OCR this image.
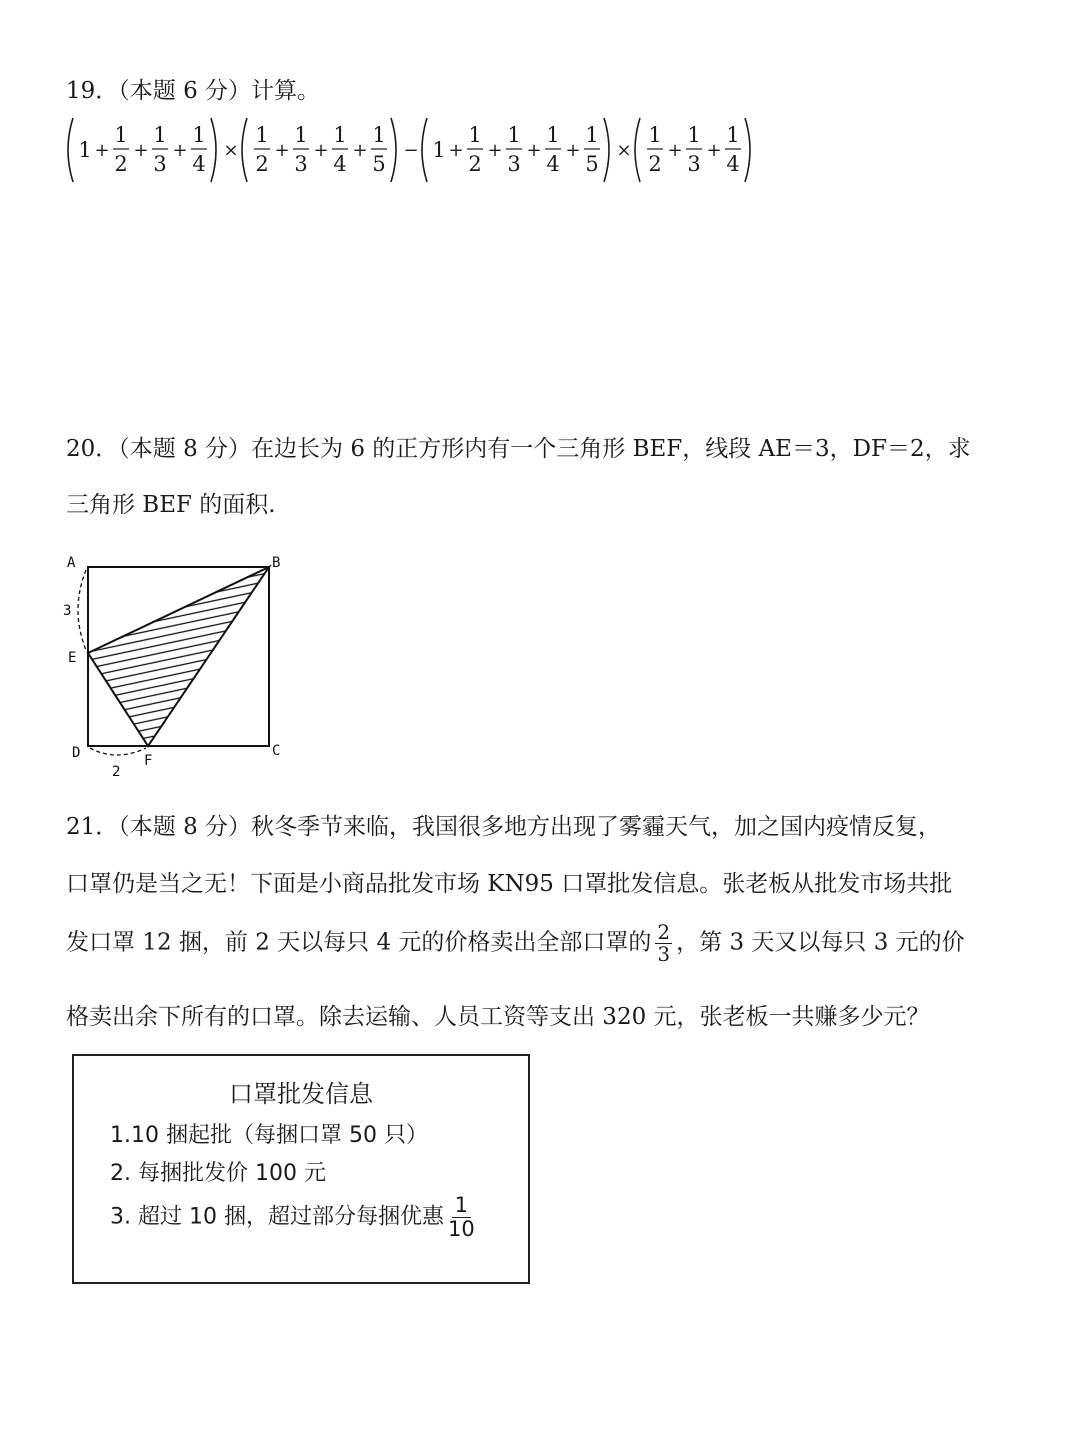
19．（本题 6 分）计算。
1 +
1
2
+
1
3
+
1
4
×
1
2
+
1
3
+
1
4
+
1
5
− 1 +
1
2
+
1
3
+
1
4
+
1
5
×
1
2
+
1
3
+
1
4
20．（本题 8 分）在边长为 6 的正方形内有一个三角形 BEF，线段 AE＝3，DF＝2，求
三角形 BEF 的面积.
A	B
C
D
E
F
3
2
21．（本题 8 分）秋冬季节来临，我国很多地方出现了雾霾天气，加之国内疫情反复，
口罩仍是当之无！下面是小商品批发市场 KN95 口罩批发信息。张老板从批发市场共批
发口罩 12 捆，前 2 天以每只 4 元的价格卖出全部口罩的 $\frac{2}{3}$ ，第 3 天又以每只 3 元的价
格卖出余下所有的口罩。除去运输、人员工资等支出 320 元，张老板一共赚多少元？
口罩批发信息
1.10 捆起批（每捆口罩 50 只）
2. 每捆批发价 100 元
3. 超过 10 捆，超过部分每捆优惠 $\frac{1}{10}$
